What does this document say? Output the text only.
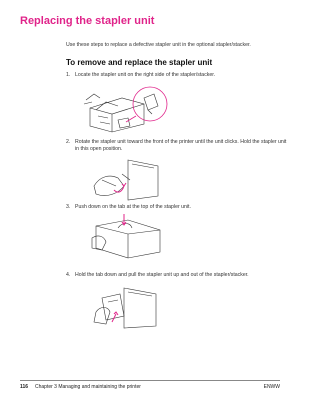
Replacing the stapler unit
Use these steps to replace a defective stapler unit in the optional stapler/stacker.
To remove and replace the stapler unit
1. Locate the stapler unit on the right side of the stapler/stacker.
2. Rotate the stapler unit toward the front of the printer until the unit clicks. Hold the stapler unit in this open position.
3. Push down on the tab at the top of the stapler unit.
4. Hold the tab down and pull the stapler unit up and out of the stapler/stacker.
116 Chapter 3 Managing and maintaining the printer	ENWW
